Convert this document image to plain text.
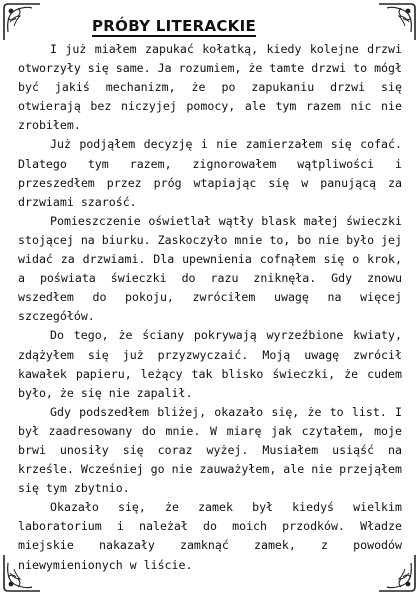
PRÓBY LITERACKIE

I już miałem zapukać kołatką, kiedy kolejne drzwi otworzyły się same. Ja rozumiem, że tamte drzwi to mógł być jakiś mechanizm, że po zapukaniu drzwi się otwierają bez niczyjej pomocy, ale tym razem nic nie zrobiłem.

Już podjąłem decyzję i nie zamierzałem się cofać. Dlatego tym razem, zignorowałem wątpliwości i przeszedłem przez próg wtapiając się w panującą za drzwiami szarość.

Pomieszczenie oświetlał wątły blask małej świeczki stojącej na biurku. Zaskoczyło mnie to, bo nie było jej widać za drzwiami. Dla upewnienia cofnąłem się o krok, a poświata świeczki do razu zniknęła. Gdy znowu wszedłem do pokoju, zwróciłem uwagę na więcej szczegółów.

Do tego, że ściany pokrywają wyrzeźbione kwiaty, zdążyłem się już przyzwyczaić. Moją uwagę zwrócił kawałek papieru, leżący tak blisko świeczki, że cudem było, że się nie zapalił.

Gdy podszedłem bliżej, okazało się, że to list. I był zaadresowany do mnie. W miarę jak czytałem, moje brwi unosiły się coraz wyżej. Musiałem usiąść na krześle. Wcześniej go nie zauważyłem, ale nie przejąłem się tym zbytnio.

Okazało się, że zamek był kiedyś wielkim laboratorium i należał do moich przodków. Władze miejskie nakazały zamknąć zamek, z powodów niewymienionych w liście.
